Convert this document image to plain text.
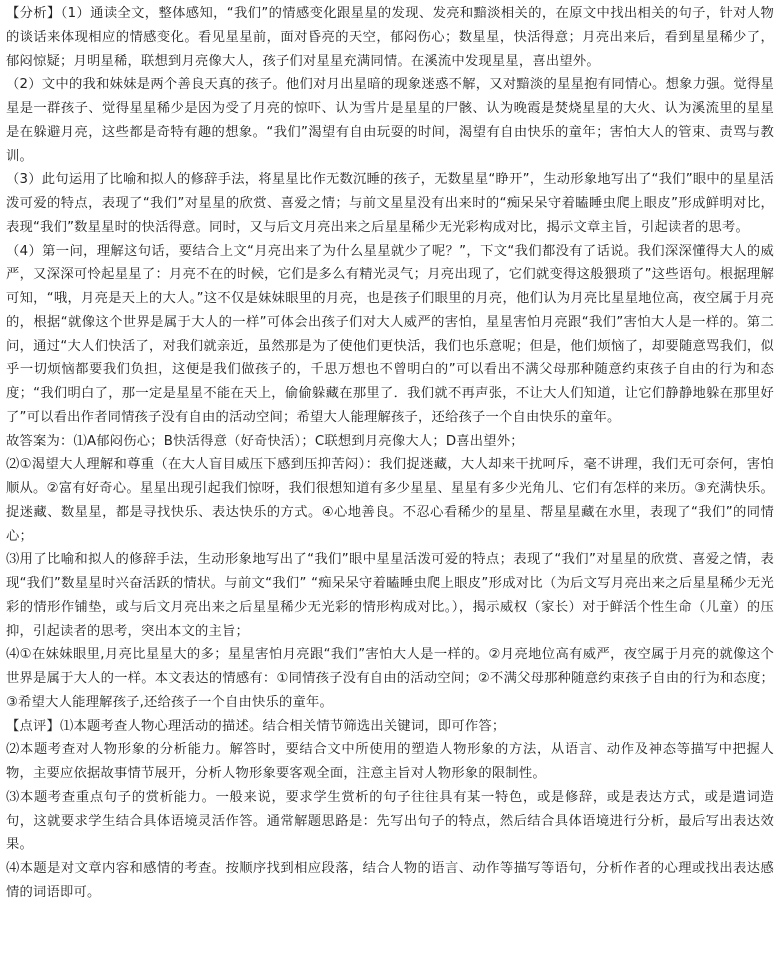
【分析】（1）通读全文，整体感知，“我们”的情感变化跟星星的发现、发亮和黯淡相关的，在原文中找出相关的句子，针对人物的谈话来体现相应的情感变化。看见星星前，面对昏亮的天空，郁闷伤心；数星星，快活得意；月亮出来后，看到星星稀少了，郁闷惊疑；月明星稀，联想到月亮像大人，孩子们对星星充满同情。在溪流中发现星星，喜出望外。

（2）文中的我和妹妹是两个善良天真的孩子。他们对月出星暗的现象迷惑不解，又对黯淡的星星抱有同情心。想象力强。觉得星星是一群孩子、觉得星星稀少是因为受了月亮的惊吓、认为雪片是星星的尸骸、认为晚霞是焚烧星星的大火、认为溪流里的星星是在躲避月亮，这些都是奇特有趣的想象。“我们”渴望有自由玩耍的时间，渴望有自由快乐的童年；害怕大人的管束、责骂与教训。

（3）此句运用了比喻和拟人的修辞手法，将星星比作无数沉睡的孩子，无数星星“睁开”，生动形象地写出了“我们”眼中的星星活泼可爱的特点，表现了“我们”对星星的欣赏、喜爱之情；与前文星星没有出来时的“痴呆呆守着瞌睡虫爬上眼皮”形成鲜明对比，表现“我们”数星星时的快活得意。同时，又与后文月亮出来之后星星稀少无光彩构成对比，揭示文章主旨，引起读者的思考。

（4）第一问，理解这句话，要结合上文“月亮出来了为什么星星就少了呢？”，下文“我们都没有了话说。我们深深懂得大人的威严，又深深可怜起星星了：月亮不在的时候，它们是多么有精光灵气；月亮出现了，它们就变得这般猥琐了”这些语句。根据理解可知，“哦，月亮是天上的大人。”这不仅是妹妹眼里的月亮，也是孩子们眼里的月亮，他们认为月亮比星星地位高，夜空属于月亮的，根据“就像这个世界是属于大人的一样”可体会出孩子们对大人威严的害怕，星星害怕月亮跟“我们”害怕大人是一样的。第二问，通过“大人们快活了，对我们就亲近，虽然那是为了使他们更快活，我们也乐意呢；但是，他们烦恼了，却要随意骂我们，似乎一切烦恼都要我们负担，这便是我们做孩子的，千思万想也不曾明白的”可以看出不满父母那种随意约束孩子自由的行为和态度；“我们明白了，那一定是星星不能在天上，偷偷躲藏在那里了．我们就不再声张，不让大人们知道，让它们静静地躲在那里好了”可以看出作者同情孩子没有自由的活动空间；希望大人能理解孩子，还给孩子一个自由快乐的童年。

故答案为：⑴A郁闷伤心；B快活得意（好奇快活）；C联想到月亮像大人；D喜出望外；

⑵①渴望大人理解和尊重（在大人盲目威压下感到压抑苦闷）：我们捉迷藏，大人却来干扰呵斥，毫不讲理，我们无可奈何，害怕顺从。②富有好奇心。星星出现引起我们惊呀，我们很想知道有多少星星、星星有多少光角儿、它们有怎样的来历。③充满快乐。捉迷藏、数星星，都是寻找快乐、表达快乐的方式。④心地善良。不忍心看稀少的星星、帮星星藏在水里，表现了“我们”的同情心；

⑶用了比喻和拟人的修辞手法，生动形象地写出了“我们”眼中星星活泼可爱的特点；表现了“我们”对星星的欣赏、喜爱之情，表现“我们”数星星时兴奋活跃的情状。与前文“我们” “痴呆呆守着瞌睡虫爬上眼皮”形成对比（为后文写月亮出来之后星星稀少无光彩的情形作铺垫，或与后文月亮出来之后星星稀少无光彩的情形构成对比。），揭示威权（家长）对于鲜活个性生命（儿童）的压抑，引起读者的思考，突出本文的主旨；

⑷①在妹妹眼里,月亮比星星大的多；星星害怕月亮跟“我们”害怕大人是一样的。②月亮地位高有威严，夜空属于月亮的就像这个世界是属于大人的一样。本文表达的情感有：①同情孩子没有自由的活动空间；②不满父母那种随意约束孩子自由的行为和态度；③希望大人能理解孩子,还给孩子一个自由快乐的童年。

【点评】⑴本题考查人物心理活动的描述。结合相关情节筛选出关键词，即可作答；

⑵本题考查对人物形象的分析能力。解答时，要结合文中所使用的塑造人物形象的方法，从语言、动作及神态等描写中把握人物，主要应依据故事情节展开，分析人物形象要客观全面，注意主旨对人物形象的限制性。

⑶本题考查重点句子的赏析能力。一般来说，要求学生赏析的句子往往具有某一特色，或是修辞，或是表达方式，或是遣词造句，这就要求学生结合具体语境灵活作答。通常解题思路是：先写出句子的特点，然后结合具体语境进行分析，最后写出表达效果。

⑷本题是对文章内容和感情的考查。按顺序找到相应段落，结合人物的语言、动作等描写等语句，分析作者的心理或找出表达感情的词语即可。
